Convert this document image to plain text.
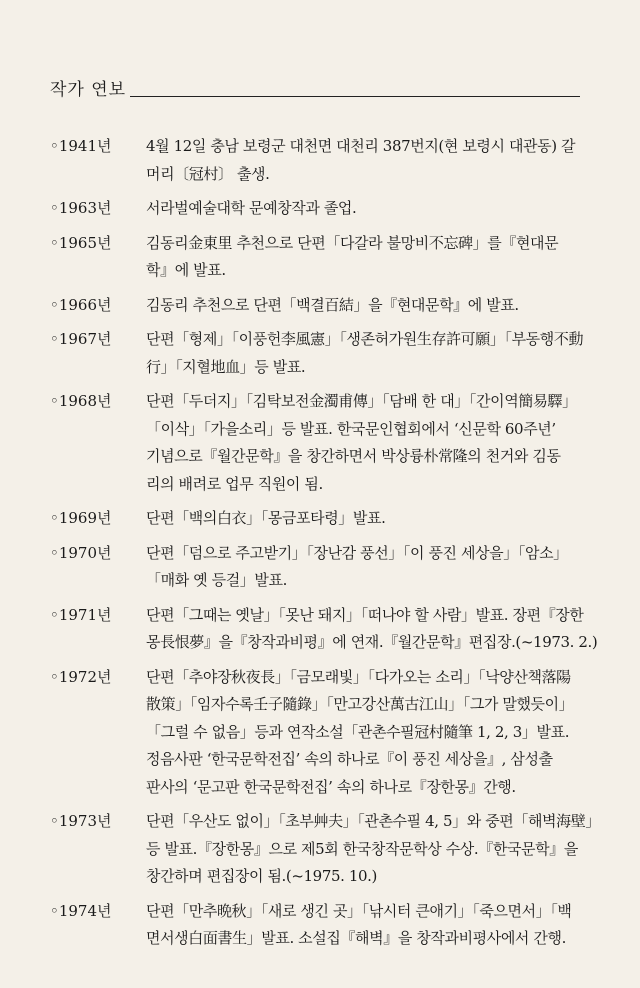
작가 연보
◦1941년	4월 12일 충남 보령군 대천면 대천리 387번지(현 보령시 대관동) 갈
머리〔冠村〕 출생.
◦1963년	서라벌예술대학 문예창작과 졸업.
◦1965년	김동리金東里 추천으로 단편「다갈라 불망비不忘碑」를『현대문
학』에 발표.
◦1966년	김동리 추천으로 단편「백결百結」을『현대문학』에 발표.
◦1967년	단편「형제」「이풍헌李風憲」「생존허가원生存許可願」「부동행不動
行」「지혈地血」등 발표.
◦1968년	단편「두더지」「김탁보전金濁甫傳」「담배 한 대」「간이역簡易驛」
「이삭」「가을소리」등 발표. 한국문인협회에서 ‘신문학 60주년’
기념으로『월간문학』을 창간하면서 박상륭朴常隆의 천거와 김동
리의 배려로 업무 직원이 됨.
◦1969년	단편「백의白衣」「몽금포타령」발표.
◦1970년	단편「덤으로 주고받기」「장난감 풍선」「이 풍진 세상을」「암소」
「매화 옛 등걸」발표.
◦1971년	단편「그때는 옛날」「못난 돼지」「떠나야 할 사람」발표. 장편『장한
몽長恨夢』을『창작과비평』에 연재.『월간문학』편집장.(~1973. 2.)
◦1972년	단편「추야장秋夜長」「금모래빛」「다가오는 소리」「낙양산책落陽
散策」「임자수록壬子隨錄」「만고강산萬古江山」「그가 말했듯이」
「그럴 수 없음」등과 연작소설「관촌수필冠村隨筆 1, 2, 3」발표.
정음사판 ‘한국문학전집’ 속의 하나로『이 풍진 세상을』, 삼성출
판사의 ‘문고판 한국문학전집’ 속의 하나로『장한몽』간행.
◦1973년	단편「우산도 없이」「초부艸夫」「관촌수필 4, 5」와 중편「해벽海壁」
등 발표.『장한몽』으로 제5회 한국창작문학상 수상.『한국문학』을
창간하며 편집장이 됨.(~1975. 10.)
◦1974년	단편「만추晩秋」「새로 생긴 곳」「낚시터 큰애기」「죽으면서」「백
면서생白面書生」발표. 소설집『해벽』을 창작과비평사에서 간행.
